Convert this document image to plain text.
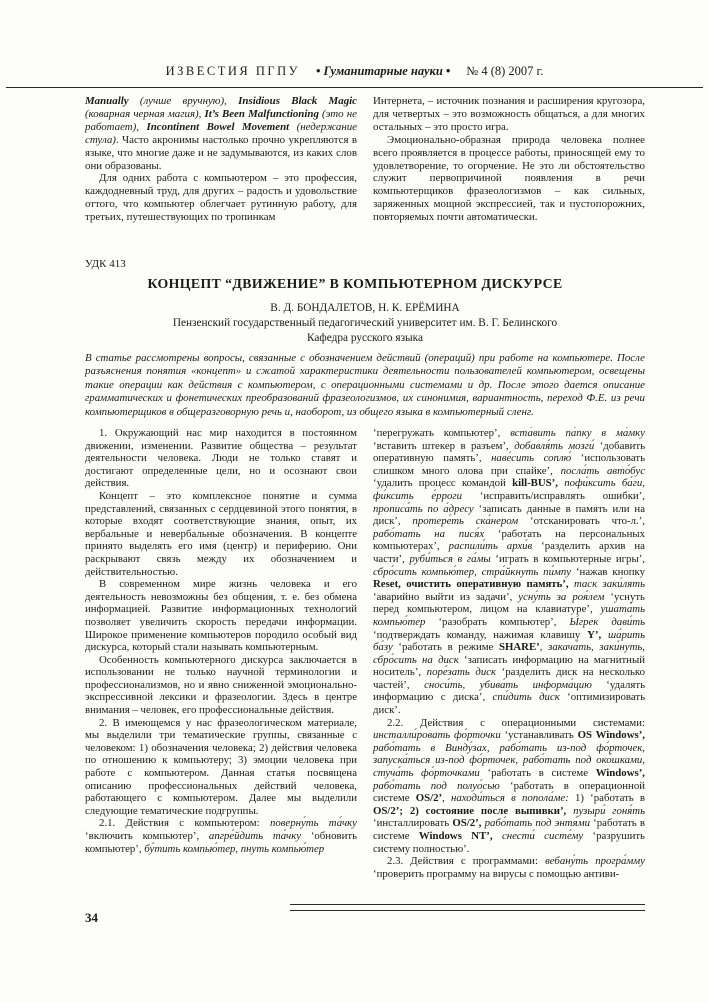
ИЗВЕСТИЯ ПГПУ • Гуманитарные науки • № 4 (8) 2007 г.

Manually (лучше вручную), Insidious Black Magic (коварная черная магия), It’s Been Malfunctioning (это не работает), Incontinent Bowel Movement (недержание стула). Часто акронимы настолько прочно укрепляются в языке, что многие даже и не задумываются, из каких слов они образованы.

Для одних работа с компьютером – это профессия, каждодневный труд, для других – радость и удовольствие оттого, что компьютер облегчает рутинную работу, для третьих, путешествующих по тропинкам

Интернета, – источник познания и расширения кругозора, для четвертых – это возможность общаться, а для многих остальных – это просто игра.

Эмоционально-образная природа человека полнее всего проявляется в процессе работы, приносящей ему то удовлетворение, то огорчение. Не это ли обстоятельство служит первопричиной появления в речи компьютерщиков фразеологизмов – как сильных, заряженных мощной экспрессией, так и пустопорожних, повторяемых почти автоматически.

УДК 413
КОНЦЕПТ “ДВИЖЕНИЕ” В КОМПЬЮТЕРНОМ ДИСКУРСЕ
В. Д. БОНДАЛЕТОВ, Н. К. ЕРЁМИНА
Пензенский государственный педагогический университет им. В. Г. Белинского
Кафедра русского языка
В статье рассмотрены вопросы, связанные с обозначением действий (операций) при работе на компьютере. После разъяснения понятия «концепт» и сжатой характеристики деятельности пользователей компьютером, освещены такие операции как действия с компьютером, с операционными системами и др. После этого дается описание грамматических и фонетических преобразований фразеологизмов, их синонимия, вариантность, переход Ф.Е. из речи компьютерщиков в общеразговорную речь и, наоборот, из общего языка в компьютерный сленг.

1. Окружающий нас мир находится в постоянном движении, изменении. Развитие общества – результат деятельности человека. Люди не только ставят и достигают определенные цели, но и осознают свои действия.

Концепт – это комплексное понятие и сумма представлений, связанных с сердцевиной этого понятия, в которые входят соответствующие знания, опыт, их вербальные и невербальные обозначения. В концепте принято выделять его имя (центр) и периферию. Они раскрывают связь между их обозначением и действительностью.

В современном мире жизнь человека и его деятельность невозможны без общения, т. е. без обмена информацией. Развитие информационных технологий позволяет увеличить скорость передачи информации. Широкое применение компьютеров породило особый вид дискурса, который стали называть компьютерным.

Особенность компьютерного дискурса заключается в использовании не только научной терминологии и профессионализмов, но и явно сниженной эмоционально-экспрессивной лексики и фразеологии. Здесь в центре внимания – человек, его профессиональные действия.

2. В имеющемся у нас фразеологическом материале, мы выделили три тематические группы, связанные с человеком: 1) обозначения человека; 2) действия человека по отношению к компьютеру; 3) эмоции человека при работе с компьютером. Данная статья посвящена описанию профессиональных действий человека, работающего с компьютером. Далее мы выделили следующие тематические подгруппы.

2.1. Действия с компьютером: поверну́ть та́чку ‘включить компьютер’, апгре́йдить та́чку ‘обновить компьютер’, бу́тить компью́тер, пнуть компью́тер

‘перегружать компьютер’, вста́вить па́пку в ма́мку ‘вставить штекер в разъем’, добавля́ть мозги́ ‘добавить оперативную память’, наве́сить соплю́ ‘использовать слишком много олова при спайке’, посла́ть авто́бус ‘удалить процесс командой kill-BUS’, пофи́ксить ба́ги, фи́ксить е́рроги ‘исправить/исправлять ошибки’, прописа́ть по а́дресу ‘записать данные в память или на диск’, протере́ть ска́нером ‘отсканировать что-л.’, рабо́тать на пися́х ‘работать на персональных компьютерах’, распили́ть архи́в ‘разделить архив на части’, руби́ться в га́мы ‘играть в компьютерные игры’, сбро́сить компью́тер, стра́йкнуть пи́мпу ‘нажав кнопку Reset, очистить оперативную память’, таск заки́лять ‘аварийно выйти из задачи’, усну́ть за роя́лем ‘уснуть перед компьютером, лицом на клавиатуре’, ушата́ть компью́тер ‘разобрать компьютер’, Ы́грек дави́ть ‘подтверждать команду, нажимая клавишу Y’, ша́рить ба́зу ‘работать в режиме SHARE’, закача́ть, заки́нуть, сбро́сить на диск ‘записать информацию на магнитный носитель’, поре́зать диск ‘разделить диск на несколько частей’, сноси́ть, убива́ть информа́цию ‘удалять информацию с диска’, спи́дить диск ‘оптимизировать диск’.

2.2. Действия с операционными системами: инсталли́ровать фо́рточки ‘устанавливать OS Windows’, рабо́тать в Винду́зах, рабо́тать из-под фо́рточек, запуска́ться из-под фо́рточек, рабо́тать под око́шками, стуча́ть фо́рточками ‘работать в системе Windows’, рабо́тать под полуо́сью ‘работать в операционной системе OS/2’, находи́ться в попола́ме: 1) ‘работать в OS/2’; 2) состояние после выпивки’, пузыри́ гоня́ть ‘инсталлировать OS/2’, рабо́тать под энтя́ми ‘работать в системе Windows NT’, снести́ систе́му ‘разрушить систему полностью’.

2.3. Действия с программами: вебану́ть програ́мму ‘проверить программу на вирусы с помощью антиви-

34
